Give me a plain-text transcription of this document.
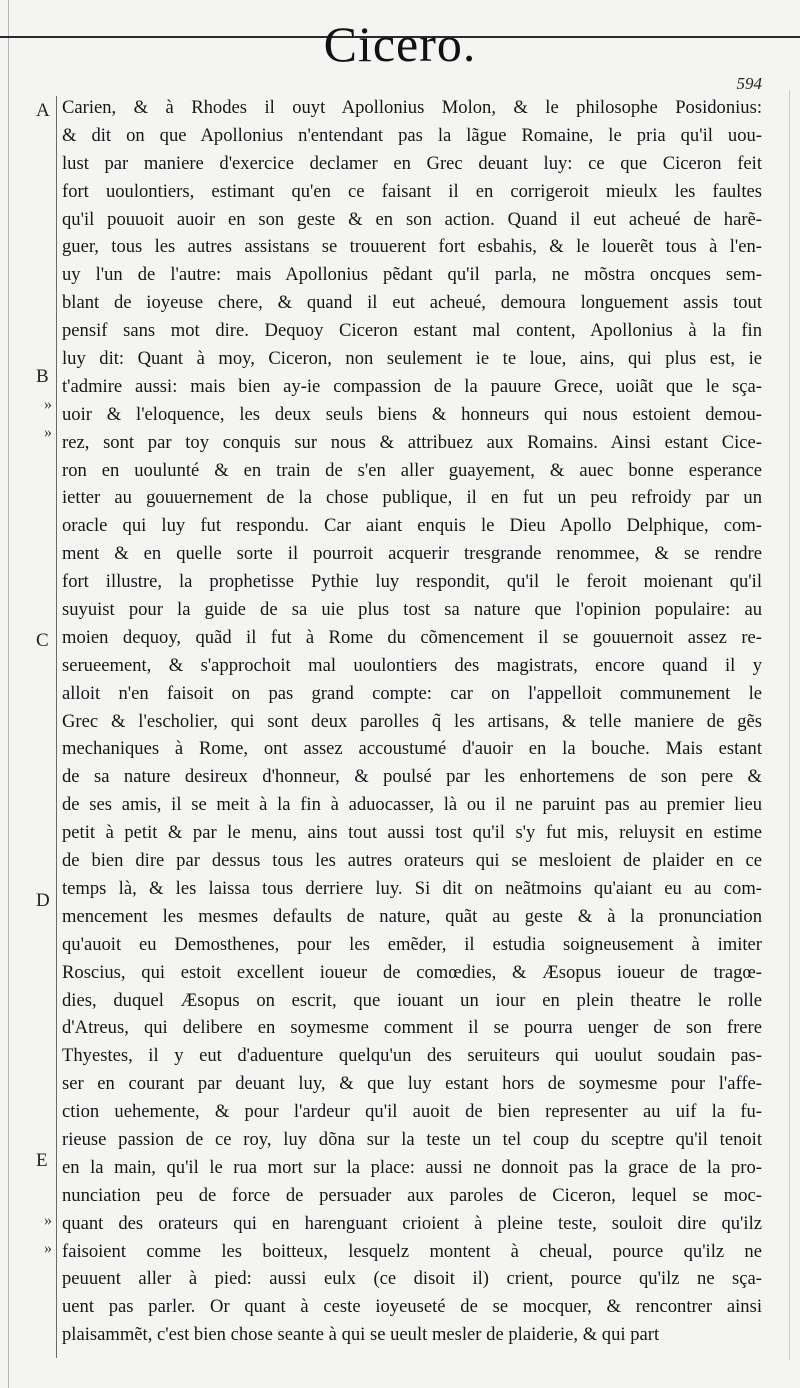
Cicero.
594
A
B
»
»
C
D
E
»
»
Carien, & à Rhodes il ouyt Apollonius Molon, & le philosophe Posidonius:
& dit on que Apollonius n'entendant pas la lãgue Romaine, le pria qu'il uou-
lust par maniere d'exercice declamer en Grec deuant luy: ce que Ciceron feit
fort uoulontiers, estimant qu'en ce faisant il en corrigeroit mieulx les faultes
qu'il pouuoit auoir en son geste & en son action. Quand il eut acheué de harẽ-
guer, tous les autres assistans se trouuerent fort esbahis, & le louerẽt tous à l'en-
uy l'un de l'autre: mais Apollonius pẽdant qu'il parla, ne mõstra oncques sem-
blant de ioyeuse chere, & quand il eut acheué, demoura longuement assis tout
pensif sans mot dire. Dequoy Ciceron estant mal content, Apollonius à la fin
luy dit: Quant à moy, Ciceron, non seulement ie te loue, ains, qui plus est, ie
t'admire aussi: mais bien ay-ie compassion de la pauure Grece, uoiãt que le sça-
uoir & l'eloquence, les deux seuls biens & honneurs qui nous estoient demou-
rez, sont par toy conquis sur nous & attribuez aux Romains. Ainsi estant Cice-
ron en uoulunté & en train de s'en aller guayement, & auec bonne esperance
ietter au gouuernement de la chose publique, il en fut un peu refroidy par un
oracle qui luy fut respondu. Car aiant enquis le Dieu Apollo Delphique, com-
ment & en quelle sorte il pourroit acquerir tresgrande renommee, & se rendre
fort illustre, la prophetisse Pythie luy respondit, qu'il le feroit moienant qu'il
suyuist pour la guide de sa uie plus tost sa nature que l'opinion populaire: au
moien dequoy, quãd il fut à Rome du cõmencement il se gouuernoit assez re-
serueement, & s'approchoit mal uoulontiers des magistrats, encore quand il y
alloit n'en faisoit on pas grand compte: car on l'appelloit communement le
Grec & l'escholier, qui sont deux parolles q̃ les artisans, & telle maniere de gẽs
mechaniques à Rome, ont assez accoustumé d'auoir en la bouche. Mais estant
de sa nature desireux d'honneur, & poulsé par les enhortemens de son pere &
de ses amis, il se meit à la fin à aduocasser, là ou il ne paruint pas au premier lieu
petit à petit & par le menu, ains tout aussi tost qu'il s'y fut mis, reluysit en estime
de bien dire par dessus tous les autres orateurs qui se mesloient de plaider en ce
temps là, & les laissa tous derriere luy. Si dit on neãtmoins qu'aiant eu au com-
mencement les mesmes defaults de nature, quãt au geste & à la pronunciation
qu'auoit eu Demosthenes, pour les emẽder, il estudia soigneusement à imiter
Roscius, qui estoit excellent ioueur de comœdies, & Æsopus ioueur de tragœ-
dies, duquel Æsopus on escrit, que iouant un iour en plein theatre le rolle
d'Atreus, qui delibere en soymesme comment il se pourra uenger de son frere
Thyestes, il y eut d'aduenture quelqu'un des seruiteurs qui uoulut soudain pas-
ser en courant par deuant luy, & que luy estant hors de soymesme pour l'affe-
ction uehemente, & pour l'ardeur qu'il auoit de bien representer au uif la fu-
rieuse passion de ce roy, luy dõna sur la teste un tel coup du sceptre qu'il tenoit
en la main, qu'il le rua mort sur la place: aussi ne donnoit pas la grace de la pro-
nunciation peu de force de persuader aux paroles de Ciceron, lequel se moc-
quant des orateurs qui en harenguant crioient à pleine teste, souloit dire qu'ilz
faisoient comme les boitteux, lesquelz montent à cheual, pource qu'ilz ne
peuuent aller à pied: aussi eulx (ce disoit il) crient, pource qu'ilz ne sça-
uent pas parler. Or quant à ceste ioyeuseté de se mocquer, & rencontrer ainsi
plaisammẽt, c'est bien chose seante à qui se ueult mesler de plaiderie, & qui part
